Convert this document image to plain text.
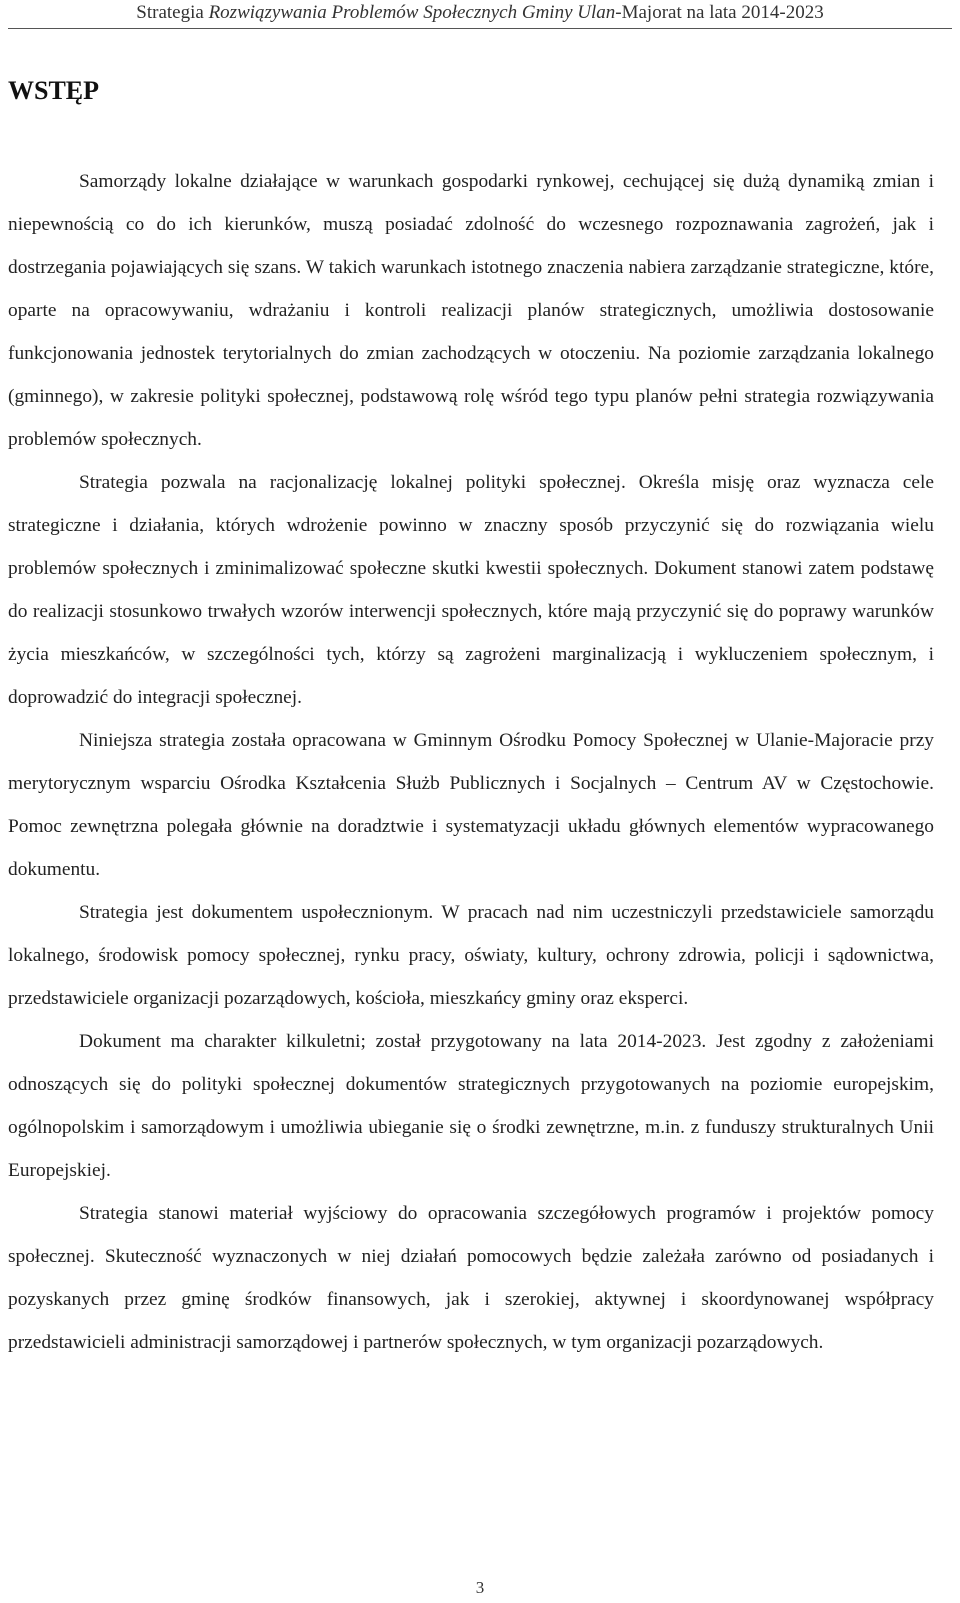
Strategia Rozwiązywania Problemów Społecznych Gminy Ulan-Majorat na lata 2014-2023
WSTĘP

Samorządy lokalne działające w warunkach gospodarki rynkowej, cechującej się dużą dynamiką zmian i niepewnością co do ich kierunków, muszą posiadać zdolność do wczesnego rozpoznawania zagrożeń, jak i dostrzegania pojawiających się szans. W takich warunkach istotnego znaczenia nabiera zarządzanie strategiczne, które, oparte na opracowywaniu, wdrażaniu i kontroli realizacji planów strategicznych, umożliwia dostosowanie funkcjonowania jednostek terytorialnych do zmian zachodzących w otoczeniu. Na poziomie zarządzania lokalnego (gminnego), w zakresie polityki społecznej, podstawową rolę wśród tego typu planów pełni strategia rozwiązywania problemów społecznych.

Strategia pozwala na racjonalizację lokalnej polityki społecznej. Określa misję oraz wyznacza cele strategiczne i działania, których wdrożenie powinno w znaczny sposób przyczynić się do rozwiązania wielu problemów społecznych i zminimalizować społeczne skutki kwestii społecznych. Dokument stanowi zatem podstawę do realizacji stosunkowo trwałych wzorów interwencji społecznych, które mają przyczynić się do poprawy warunków życia mieszkańców, w szczególności tych, którzy są zagrożeni marginalizacją i wykluczeniem społecznym, i doprowadzić do integracji społecznej.

Niniejsza strategia została opracowana w Gminnym Ośrodku Pomocy Społecznej w Ulanie-Majoracie przy merytorycznym wsparciu Ośrodka Kształcenia Służb Publicznych i Socjalnych – Centrum AV w Częstochowie. Pomoc zewnętrzna polegała głównie na doradztwie i systematyzacji układu głównych elementów wypracowanego dokumentu.

Strategia jest dokumentem uspołecznionym. W pracach nad nim uczestniczyli przedstawiciele samorządu lokalnego, środowisk pomocy społecznej, rynku pracy, oświaty, kultury, ochrony zdrowia, policji i sądownictwa, przedstawiciele organizacji pozarządowych, kościoła, mieszkańcy gminy oraz eksperci.

Dokument ma charakter kilkuletni; został przygotowany na lata 2014-2023. Jest zgodny z założeniami odnoszących się do polityki społecznej dokumentów strategicznych przygotowanych na poziomie europejskim, ogólnopolskim i samorządowym i umożliwia ubieganie się o środki zewnętrzne, m.in. z funduszy strukturalnych Unii Europejskiej.

Strategia stanowi materiał wyjściowy do opracowania szczegółowych programów i projektów pomocy społecznej. Skuteczność wyznaczonych w niej działań pomocowych będzie zależała zarówno od posiadanych i pozyskanych przez gminę środków finansowych, jak i szerokiej, aktywnej i skoordynowanej współpracy przedstawicieli administracji samorządowej i partnerów społecznych, w tym organizacji pozarządowych.

3
